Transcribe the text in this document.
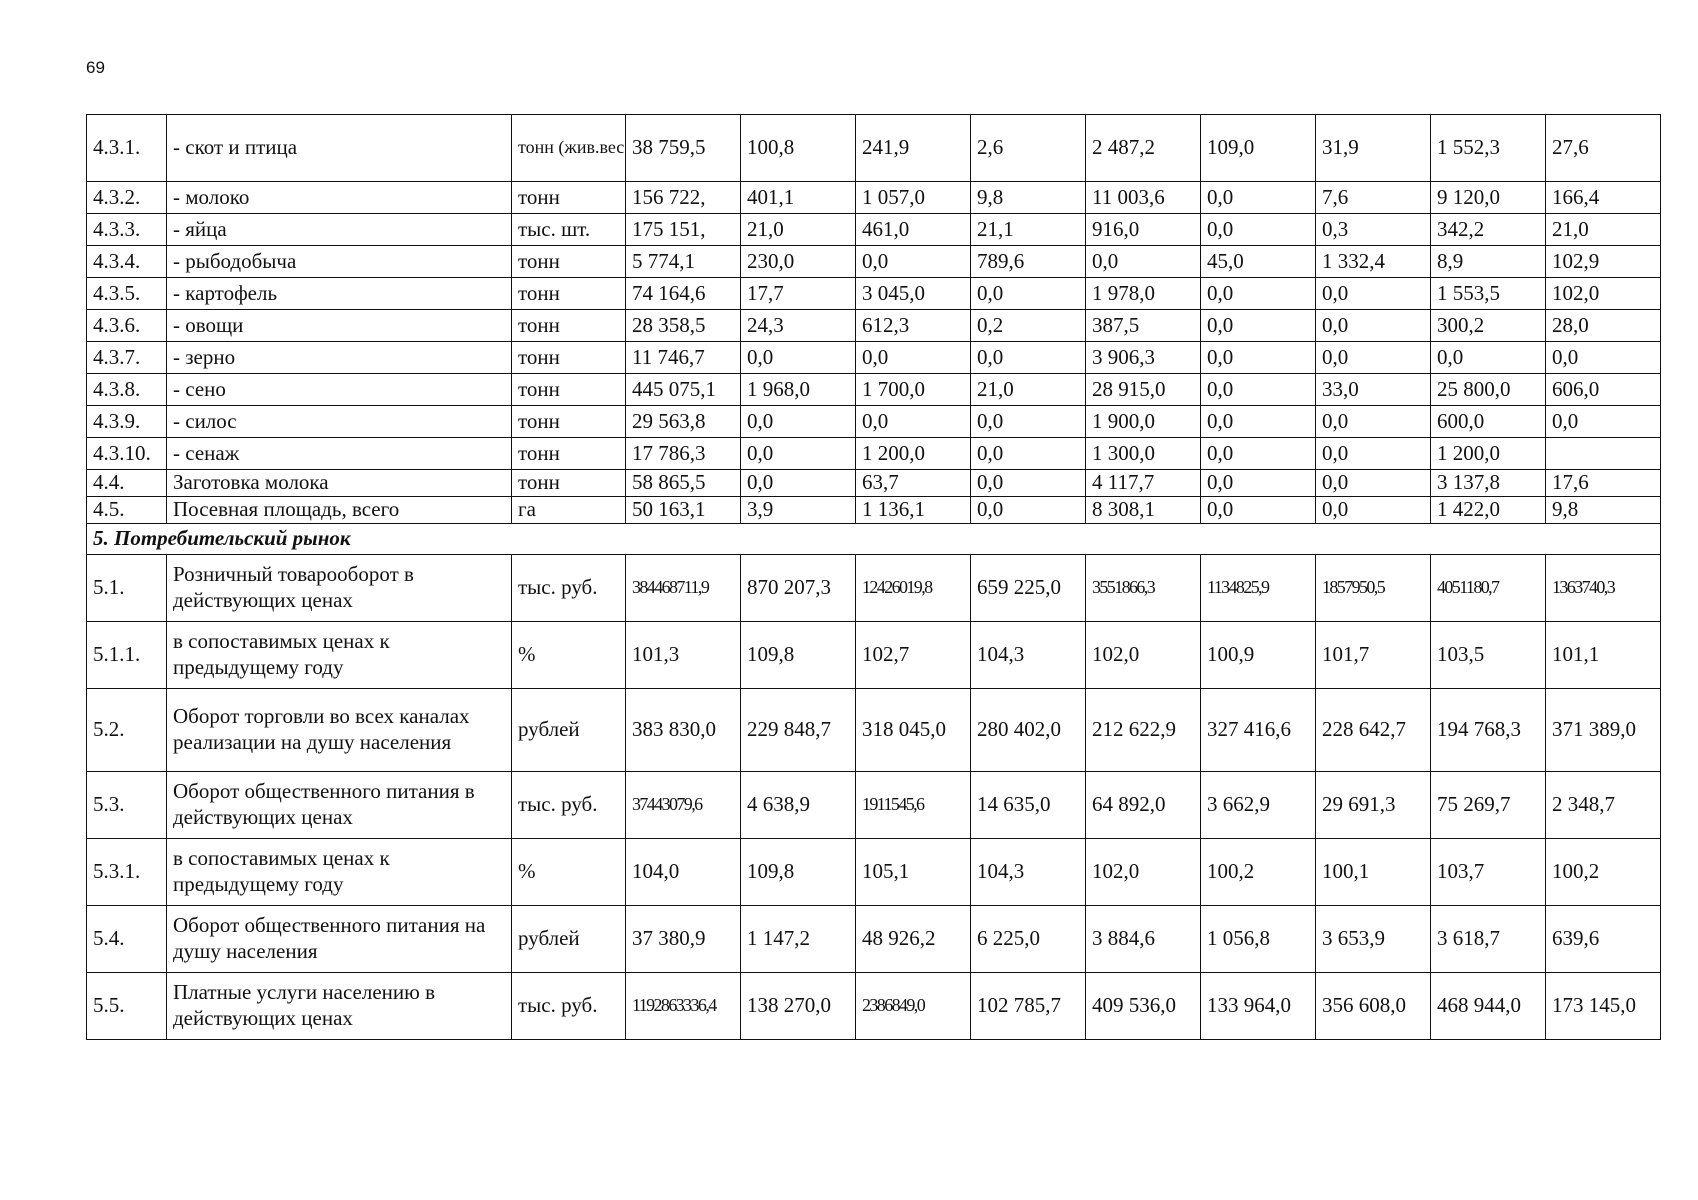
69
4.3.1.	- скот и птица	тонн (жив.вес	38 759,5	100,8	241,9	2,6	2 487,2	109,0	31,9	1 552,3	27,6
4.3.2.	- молоко	тонн	156 722,	401,1	1 057,0	9,8	11 003,6	0,0	7,6	9 120,0	166,4
4.3.3.	- яйца	тыс. шт.	175 151,	21,0	461,0	21,1	916,0	0,0	0,3	342,2	21,0
4.3.4.	- рыбодобыча	тонн	5 774,1	230,0	0,0	789,6	0,0	45,0	1 332,4	8,9	102,9
4.3.5.	- картофель	тонн	74 164,6	17,7	3 045,0	0,0	1 978,0	0,0	0,0	1 553,5	102,0
4.3.6.	- овощи	тонн	28 358,5	24,3	612,3	0,2	387,5	0,0	0,0	300,2	28,0
4.3.7.	- зерно	тонн	11 746,7	0,0	0,0	0,0	3 906,3	0,0	0,0	0,0	0,0
4.3.8.	- сено	тонн	445 075,1	1 968,0	1 700,0	21,0	28 915,0	0,0	33,0	25 800,0	606,0
4.3.9.	- силос	тонн	29 563,8	0,0	0,0	0,0	1 900,0	0,0	0,0	600,0	0,0
4.3.10.	- сенаж	тонн	17 786,3	0,0	1 200,0	0,0	1 300,0	0,0	0,0	1 200,0	
4.4.	Заготовка молока	тонн	58 865,5	0,0	63,7	0,0	4 117,7	0,0	0,0	3 137,8	17,6
4.5.	Посевная площадь, всего	га	50 163,1	3,9	1 136,1	0,0	8 308,1	0,0	0,0	1 422,0	9,8
5. Потребительский рынок											
5.1.	Розничный товарооборот в действующих ценах	тыс. руб.	384468711,9	870 207,3	12426019,8	659 225,0	3551866,3	1134825,9	1857950,5	4051180,7	1363740,3
5.1.1.	в сопоставимых ценах к предыдущему году	%	101,3	109,8	102,7	104,3	102,0	100,9	101,7	103,5	101,1
5.2.	Оборот торговли во всех каналах реализации на душу населения	рублей	383 830,0	229 848,7	318 045,0	280 402,0	212 622,9	327 416,6	228 642,7	194 768,3	371 389,0
5.3.	Оборот общественного питания в действующих ценах	тыс. руб.	37443079,6	4 638,9	1911545,6	14 635,0	64 892,0	3 662,9	29 691,3	75 269,7	2 348,7
5.3.1.	в сопоставимых ценах к предыдущему году	%	104,0	109,8	105,1	104,3	102,0	100,2	100,1	103,7	100,2
5.4.	Оборот общественного питания на душу населения	рублей	37 380,9	1 147,2	48 926,2	6 225,0	3 884,6	1 056,8	3 653,9	3 618,7	639,6
5.5.	Платные услуги населению в действующих ценах	тыс. руб.	1192863336,4	138 270,0	2386849,0	102 785,7	409 536,0	133 964,0	356 608,0	468 944,0	173 145,0
